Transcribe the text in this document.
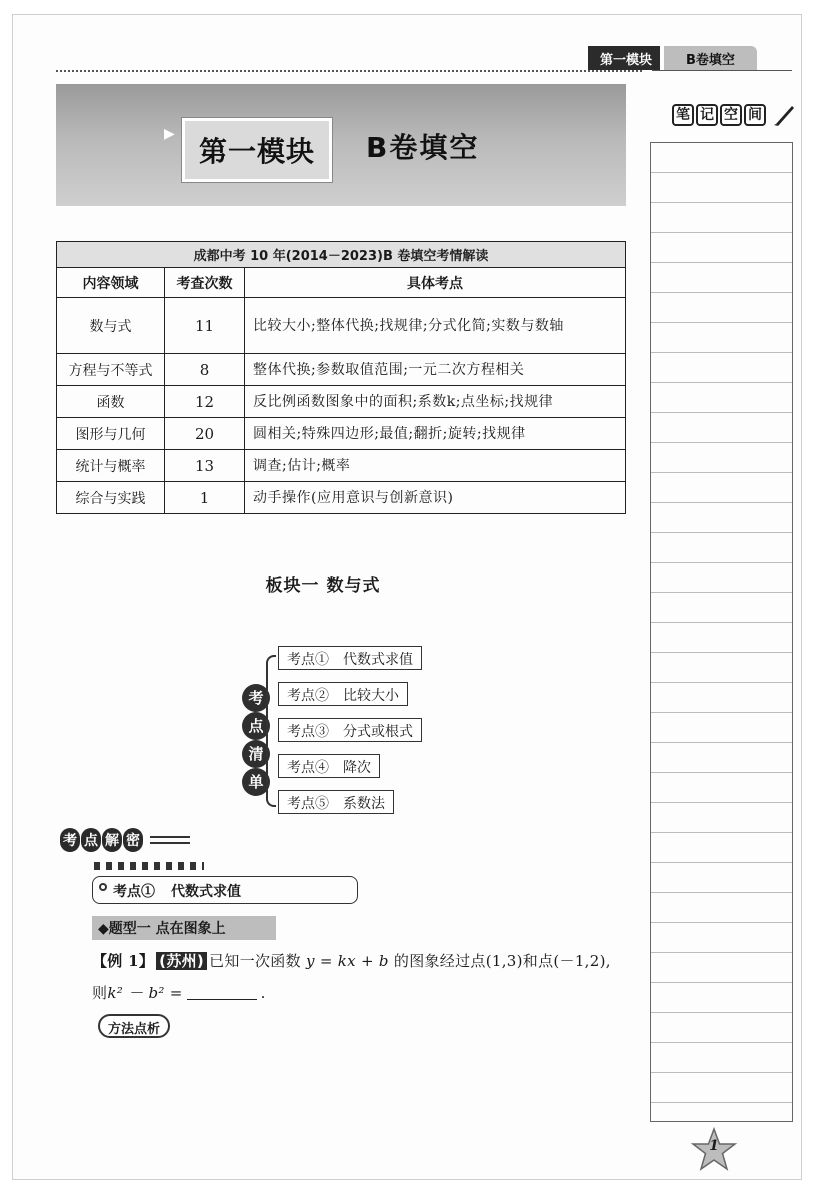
第一模块	B卷填空
笔 记 空 间
▶
第一模块 B卷填空
成都中考 10 年(2014－2023)B 卷填空考情解读		
内容领域	考查次数	具体考点
数与式	11	比较大小;整体代换;找规律;分式化简;实数与数轴
方程与不等式	8	整体代换;参数取值范围;一元二次方程相关
函数	12	反比例函数图象中的面积;系数k;点坐标;找规律
图形与几何	20	圆相关;特殊四边形;最值;翻折;旋转;找规律
统计与概率	13	调查;估计;概率
综合与实践	1	动手操作(应用意识与创新意识)
板块一 数与式
考
点
清
单
考点① 代数式求值
考点② 比较大小
考点③ 分式或根式
考点④ 降次
考点⑤ 系数法
考 点 解 密
考点① 代数式求值
◆题型一 点在图象上
【例 1】 (苏州) 已知一次函数 y = kx + b 的图象经过点(1,3)和点(－1,2),
则k² － b² =	.
方法点析
1
